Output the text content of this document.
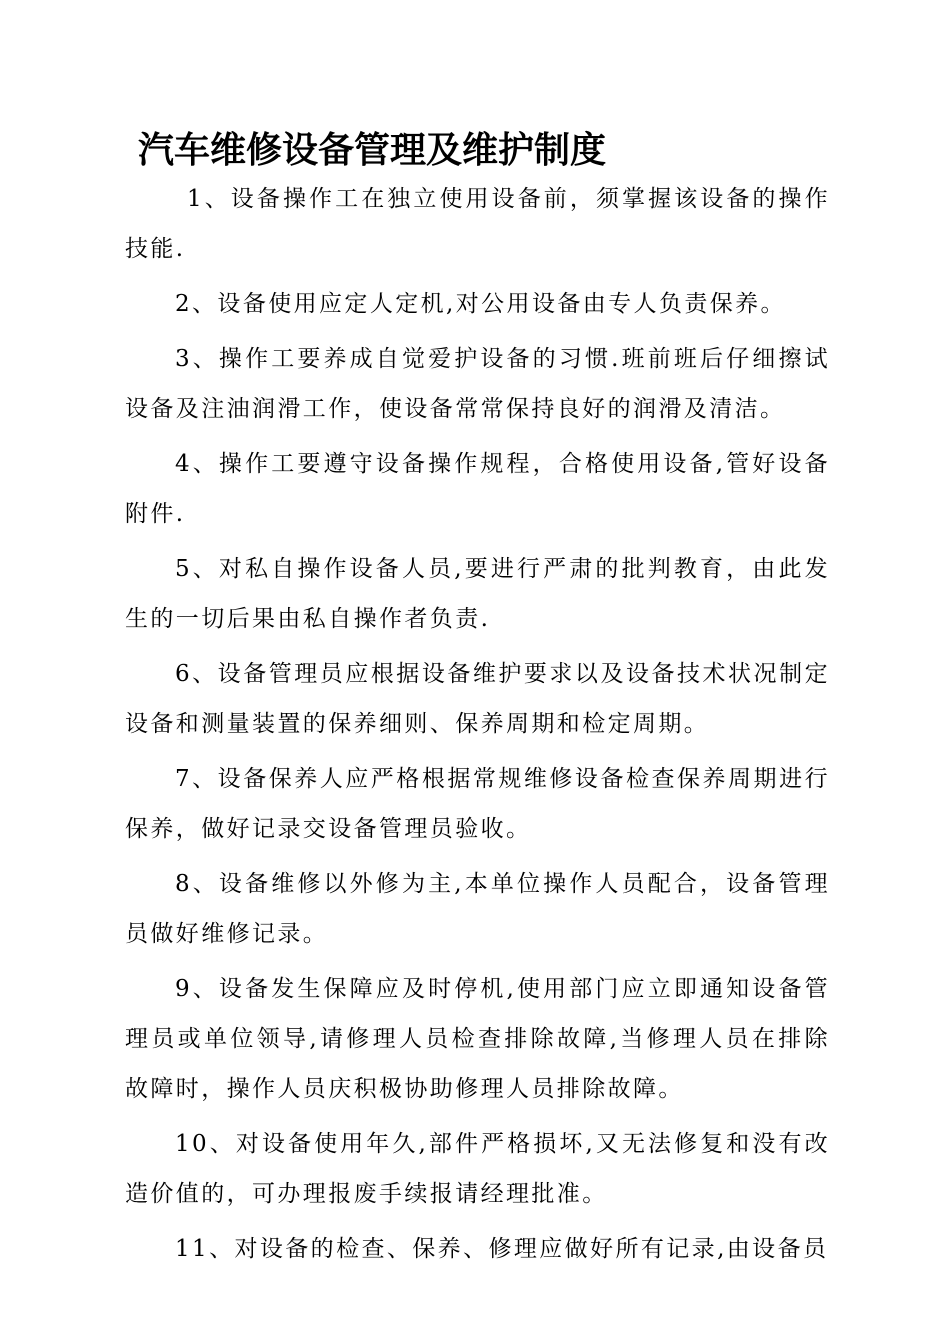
汽车维修设备管理及维护制度

1、设备操作工在独立使用设备前，须掌握该设备的操作技能.

2、设备使用应定人定机,对公用设备由专人负责保养。

3、操作工要养成自觉爱护设备的习惯.班前班后仔细擦试设备及注油润滑工作，使设备常常保持良好的润滑及清洁。

4、操作工要遵守设备操作规程，合格使用设备,管好设备附件.

5、对私自操作设备人员,要进行严肃的批判教育，由此发生的一切后果由私自操作者负责.

6、设备管理员应根据设备维护要求以及设备技术状况制定设备和测量装置的保养细则、保养周期和检定周期。

7、设备保养人应严格根据常规维修设备检查保养周期进行保养，做好记录交设备管理员验收。

8、设备维修以外修为主,本单位操作人员配合，设备管理员做好维修记录。

9、设备发生保障应及时停机,使用部门应立即通知设备管理员或单位领导,请修理人员检查排除故障,当修理人员在排除故障时，操作人员庆积极协助修理人员排除故障。

10、对设备使用年久,部件严格损坏,又无法修复和没有改造价值的，可办理报废手续报请经理批准。

11、对设备的检查、保养、修理应做好所有记录,由设备员
